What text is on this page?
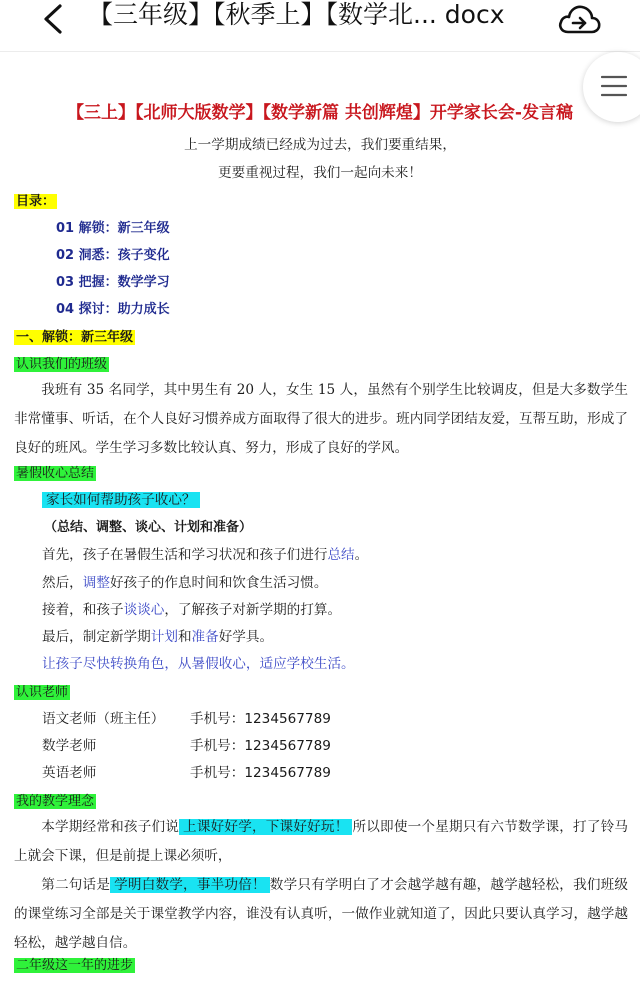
【三年级】【秋季上】【数学北... docx
【三上】【北师大版数学】【数学新篇 共创辉煌】开学家长会-发言稿
上一学期成绩已经成为过去，我们要重结果，
更要重视过程，我们一起向未来！
目录：
01 解锁：新三年级
02 洞悉：孩子变化
03 把握：数学学习
04 探讨：助力成长
一、解锁：新三年级
认识我们的班级
我班有 35 名同学，其中男生有 20 人，女生 15 人，虽然有个别学生比较调皮，但是大多数学生非常懂事、听话，在个人良好习惯养成方面取得了很大的进步。班内同学团结友爱，互帮互助，形成了良好的班风。学生学习多数比较认真、努力，形成了良好的学风。
暑假收心总结
家长如何帮助孩子收心？
（总结、调整、谈心、计划和准备）
首先，孩子在暑假生活和学习状况和孩子们进行总结。
然后，调整好孩子的作息时间和饮食生活习惯。
接着，和孩子谈谈心，了解孩子对新学期的打算。
最后，制定新学期计划和准备好学具。
让孩子尽快转换角色，从暑假收心，适应学校生活。
认识老师
语文老师（班主任） 手机号：1234567789
数学老师	手机号：1234567789
英语老师	手机号：1234567789
我的教学理念
本学期经常和孩子们说 上课好好学，下课好好玩！ 所以即使一个星期只有六节数学课，打了铃马上就会下课，但是前提上课必须听，
第二句话是 学明白数学，事半功倍！ 数学只有学明白了才会越学越有趣，越学越轻松，我们班级的课堂练习全部是关于课堂教学内容，谁没有认真听，一做作业就知道了，因此只要认真学习，越学越轻松，越学越自信。
二年级这一年的进步
